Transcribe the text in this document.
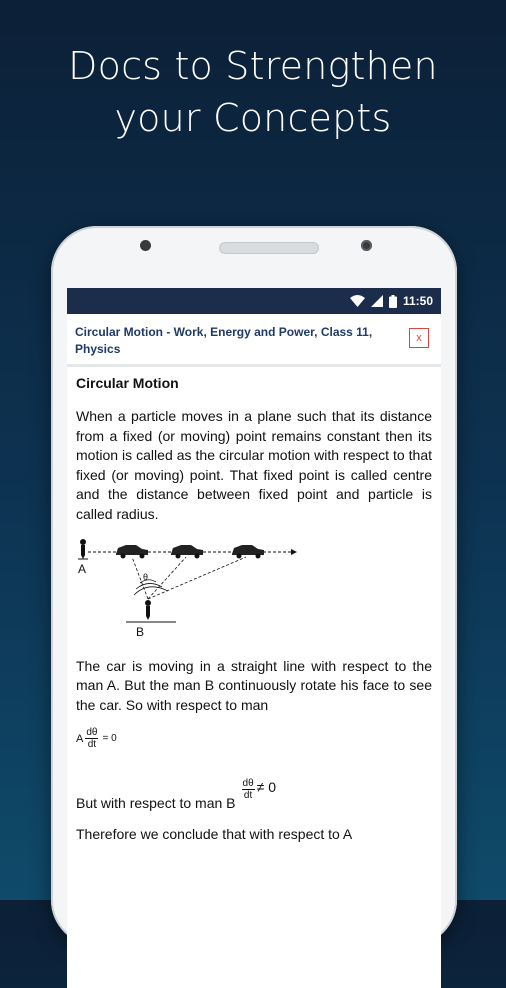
Docs to Strengthen
your Concepts
11:50
Circular Motion - Work, Energy and Power, Class 11, Physics
x
Circular Motion

When a particle moves in a plane such that its distance from a fixed (or moving) point remains constant then its motion is called as the circular motion with respect to that fixed (or moving) point. That fixed point is called centre and the distance between fixed point and particle is called radius.

A
θ
B

The car is moving in a straight line with respect to the man A. But the man B continuously rotate his face to see the car. So with respect to man

A $\frac{d\theta}{dt} = 0$
But with respect to man B
$\frac{d\theta}{dt} \ne 0$

Therefore we conclude that with respect to A
